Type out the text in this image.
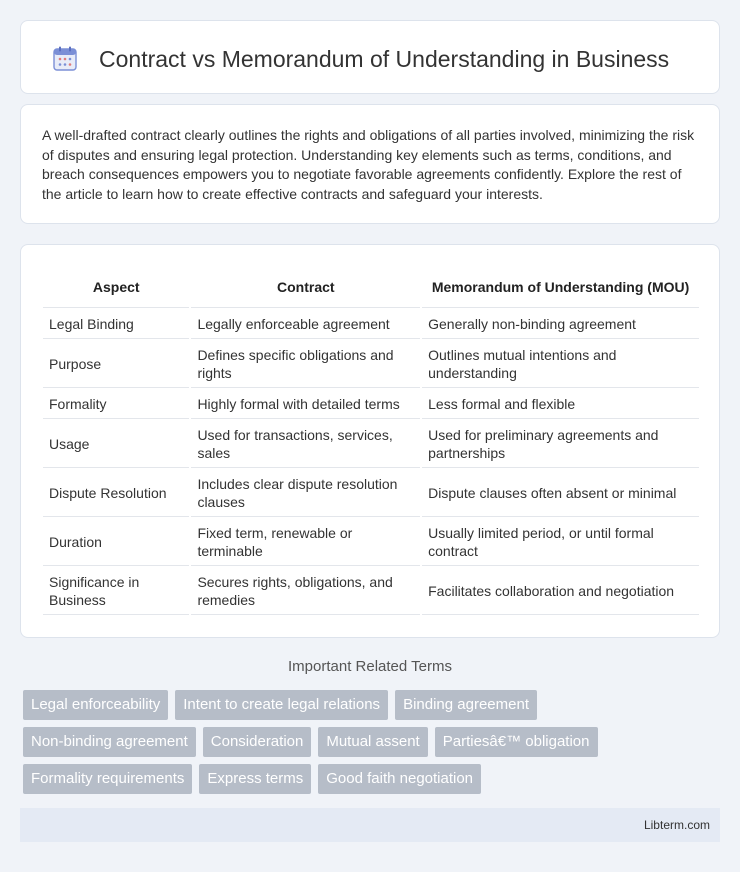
Contract vs Memorandum of Understanding in Business

A well-drafted contract clearly outlines the rights and obligations of all parties involved, minimizing the risk of disputes and ensuring legal protection. Understanding key elements such as terms, conditions, and breach consequences empowers you to negotiate favorable agreements confidently. Explore the rest of the article to learn how to create effective contracts and safeguard your interests.

Aspect	Contract	Memorandum of Understanding (MOU)
Legal Binding	Legally enforceable agreement	Generally non-binding agreement
Purpose	Defines specific obligations and rights	Outlines mutual intentions and understanding
Formality	Highly formal with detailed terms	Less formal and flexible
Usage	Used for transactions, services, sales	Used for preliminary agreements and partnerships
Dispute Resolution	Includes clear dispute resolution clauses	Dispute clauses often absent or minimal
Duration	Fixed term, renewable or terminable	Usually limited period, or until formal contract
Significance in Business	Secures rights, obligations, and remedies	Facilitates collaboration and negotiation
Important Related Terms
Legal enforceability	Intent to create legal relations	Binding agreement
Non-binding agreement	Consideration	Mutual assent	Partiesâ€™ obligation
Formality requirements	Express terms	Good faith negotiation
Libterm.com
